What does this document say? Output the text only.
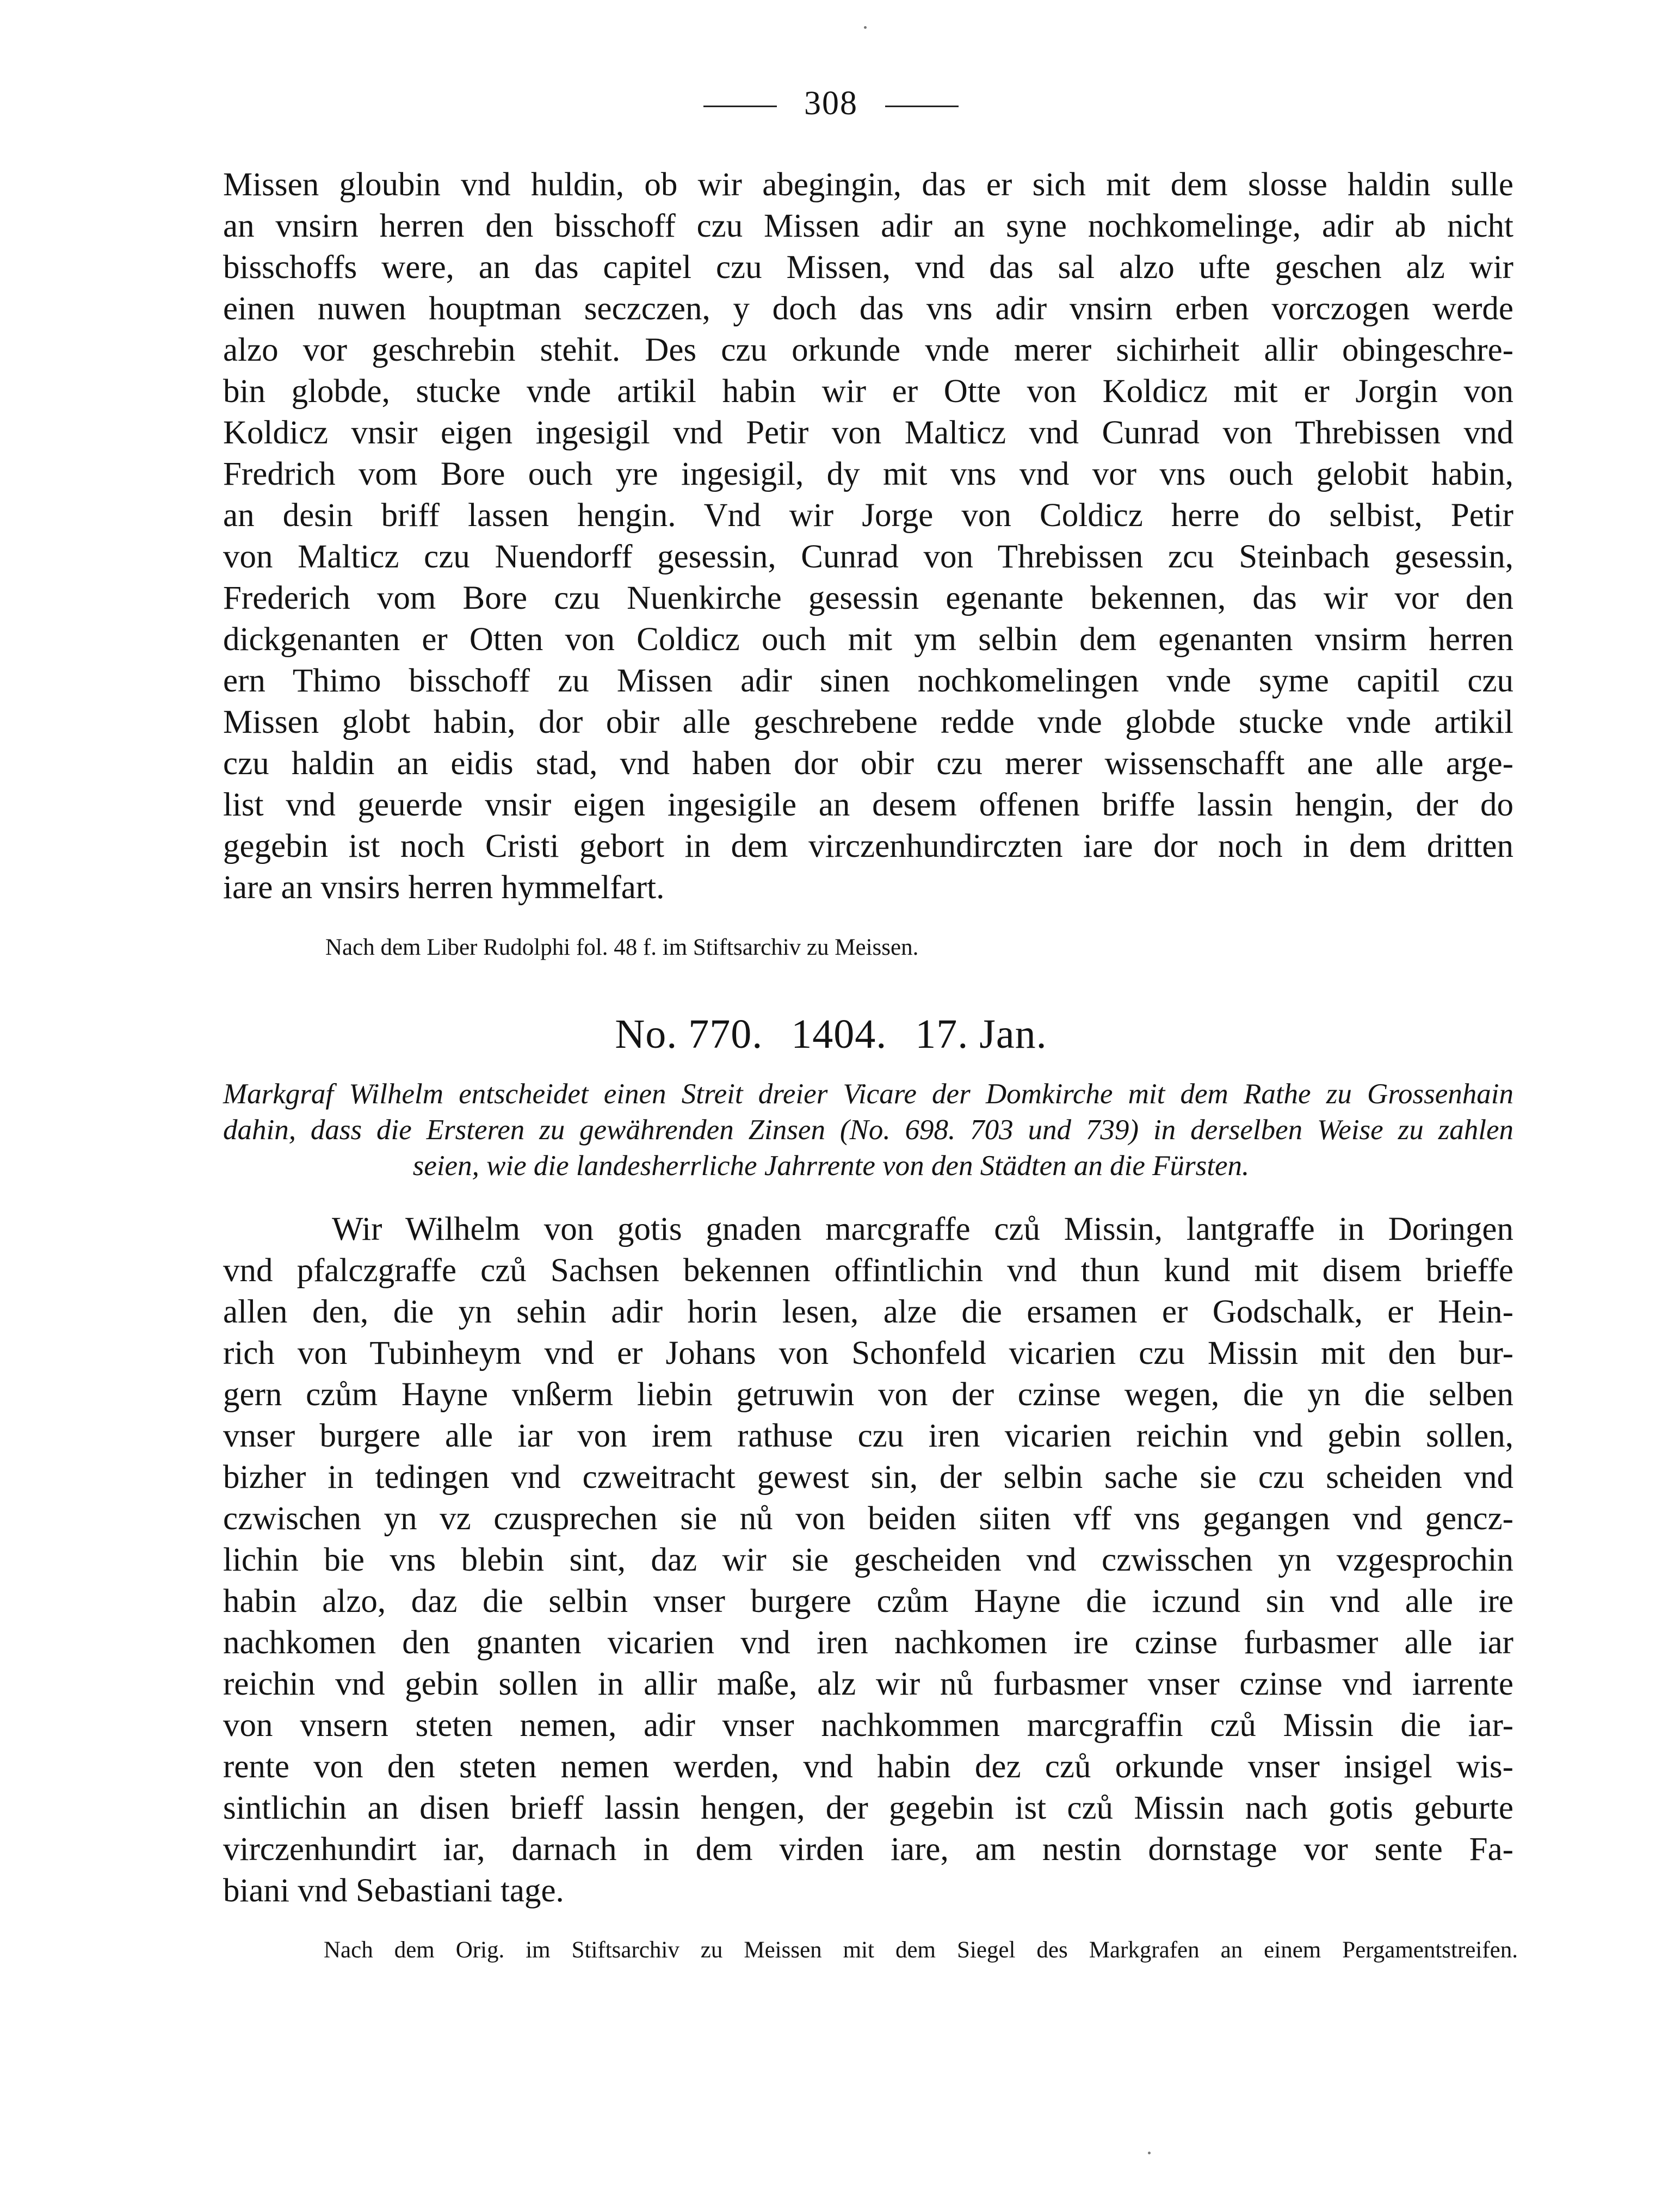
308
Missen gloubin vnd huldin, ob wir abegingin, das er sich mit dem slosse haldin sulle
an vnsirn herren den bisschoff czu Missen adir an syne nochkomelinge, adir ab nicht
bisschoffs were, an das capitel czu Missen, vnd das sal alzo ufte geschen alz wir
einen nuwen houptman seczczen, y doch das vns adir vnsirn erben vorczogen werde
alzo vor geschrebin stehit. Des czu orkunde vnde merer sichirheit allir obingeschre-
bin globde, stucke vnde artikil habin wir er Otte von Koldicz mit er Jorgin von
Koldicz vnsir eigen ingesigil vnd Petir von Malticz vnd Cunrad von Threbissen vnd
Fredrich vom Bore ouch yre ingesigil, dy mit vns vnd vor vns ouch gelobit habin,
an desin briff lassen hengin. Vnd wir Jorge von Coldicz herre do selbist, Petir
von Malticz czu Nuendorff gesessin, Cunrad von Threbissen zcu Steinbach gesessin,
Frederich vom Bore czu Nuenkirche gesessin egenante bekennen, das wir vor den
dickgenanten er Otten von Coldicz ouch mit ym selbin dem egenanten vnsirm herren
ern Thimo bisschoff zu Missen adir sinen nochkomelingen vnde syme capitil czu
Missen globt habin, dor obir alle geschrebene redde vnde globde stucke vnde artikil
czu haldin an eidis stad, vnd haben dor obir czu merer wissenschafft ane alle arge-
list vnd geuerde vnsir eigen ingesigile an desem offenen briffe lassin hengin, der do
gegebin ist noch Cristi gebort in dem virczenhundirczten iare dor noch in dem dritten
iare an vnsirs herren hymmelfart.
Nach dem Liber Rudolphi fol. 48 f. im Stiftsarchiv zu Meissen.
No. 770. 1404. 17. Jan.
Markgraf Wilhelm entscheidet einen Streit dreier Vicare der Domkirche mit dem Rathe zu Grossenhain
dahin, dass die Ersteren zu gewährenden Zinsen (No. 698. 703 und 739) in derselben Weise zu zahlen
seien, wie die landesherrliche Jahrrente von den Städten an die Fürsten.
Wir Wilhelm von gotis gnaden marcgraffe czů Missin, lantgraffe in Doringen
vnd pfalczgraffe czů Sachsen bekennen offintlichin vnd thun kund mit disem brieffe
allen den, die yn sehin adir horin lesen, alze die ersamen er Godschalk, er Hein-
rich von Tubinheym vnd er Johans von Schonfeld vicarien czu Missin mit den bur-
gern czům Hayne vnßerm liebin getruwin von der czinse wegen, die yn die selben
vnser burgere alle iar von irem rathuse czu iren vicarien reichin vnd gebin sollen,
bizher in tedingen vnd czweitracht gewest sin, der selbin sache sie czu scheiden vnd
czwischen yn vz czusprechen sie nů von beiden siiten vff vns gegangen vnd gencz-
lichin bie vns blebin sint, daz wir sie gescheiden vnd czwisschen yn vzgesprochin
habin alzo, daz die selbin vnser burgere czům Hayne die iczund sin vnd alle ire
nachkomen den gnanten vicarien vnd iren nachkomen ire czinse furbasmer alle iar
reichin vnd gebin sollen in allir maße, alz wir nů furbasmer vnser czinse vnd iarrente
von vnsern steten nemen, adir vnser nachkommen marcgraffin czů Missin die iar-
rente von den steten nemen werden, vnd habin dez czů orkunde vnser insigel wis-
sintlichin an disen brieff lassin hengen, der gegebin ist czů Missin nach gotis geburte
virczenhundirt iar, darnach in dem virden iare, am nestin dornstage vor sente Fa-
biani vnd Sebastiani tage.
Nach dem Orig. im Stiftsarchiv zu Meissen mit dem Siegel des Markgrafen an einem Pergamentstreifen.
